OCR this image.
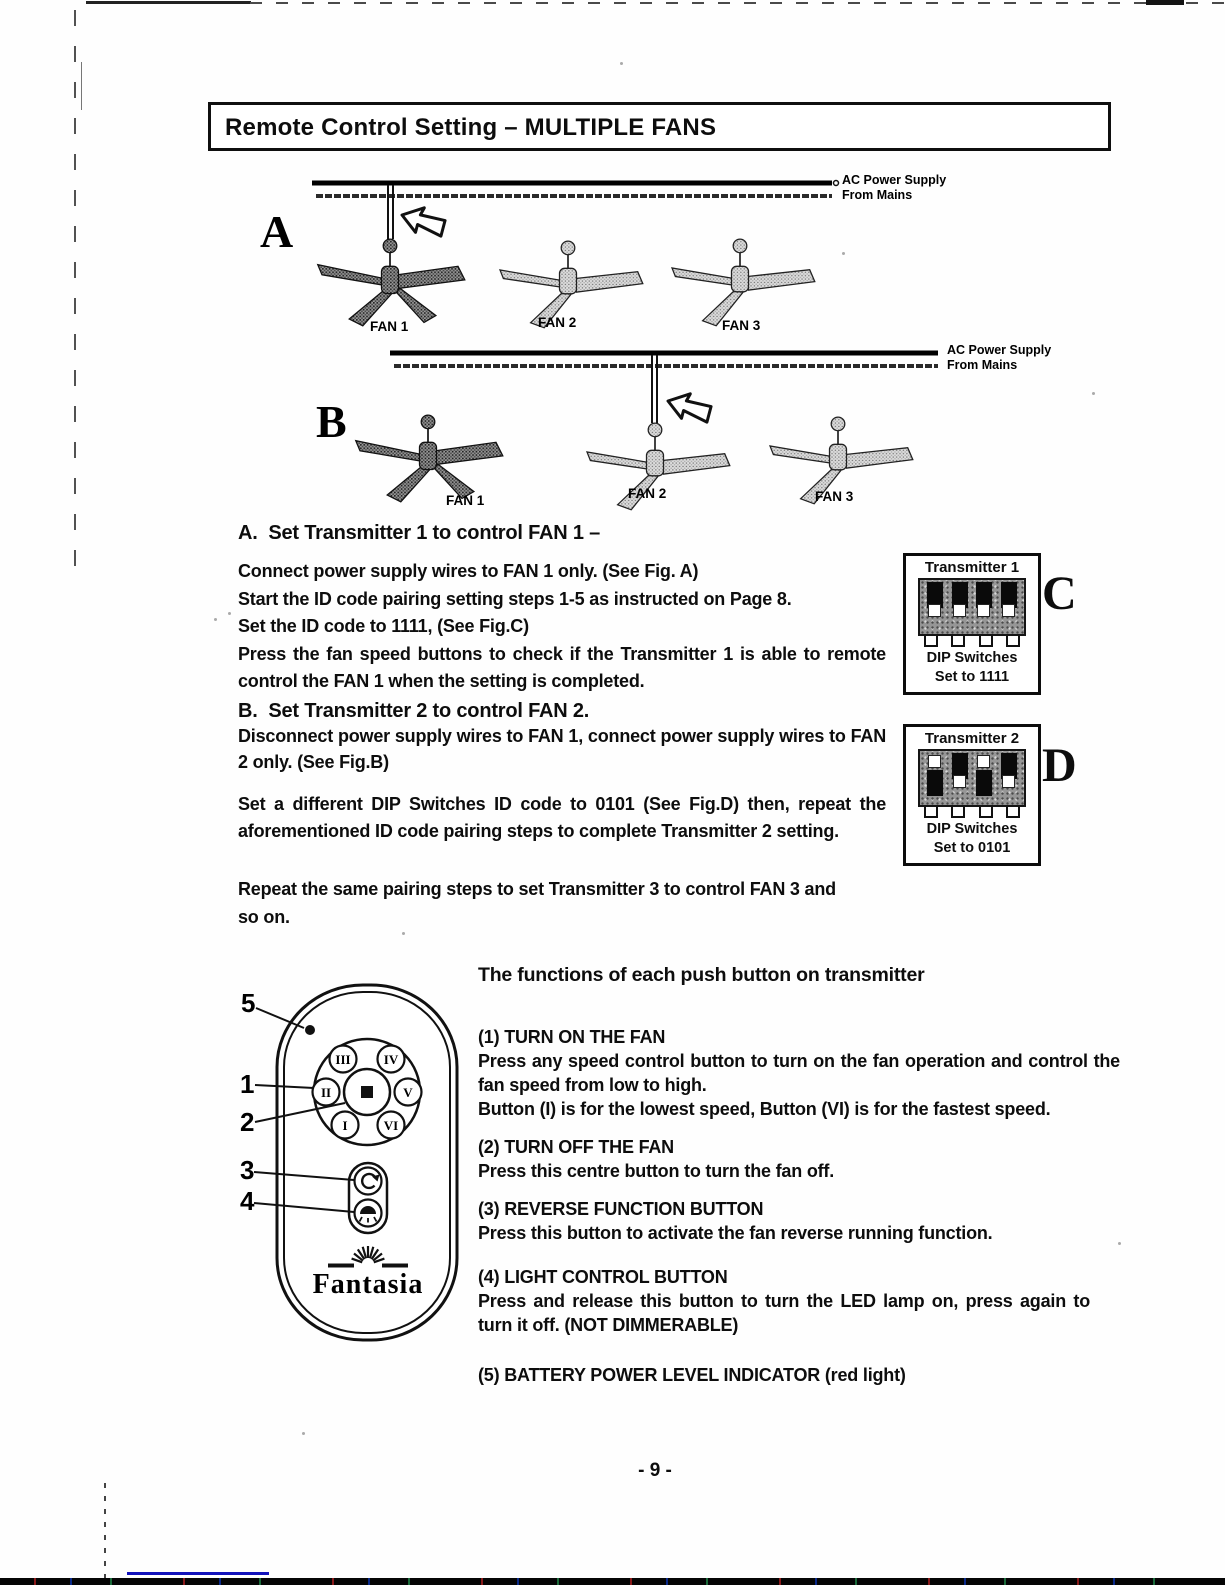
Remote Control Setting – MULTIPLE FANS
AC Power Supply
From Mains
A
FAN 1	FAN 2	FAN 3
AC Power Supply
From Mains
B
FAN 1	FAN 2	FAN 3
A.  Set Transmitter 1 to control FAN 1 –
Connect power supply wires to FAN 1 only. (See Fig. A)
Start the ID code pairing setting steps 1-5 as instructed on Page 8.
Set the ID code to 1111, (See Fig.C)
Press the fan speed buttons to check if the Transmitter 1 is able to remote control the FAN 1 when the setting is completed.
Transmitter 1
DIP Switches
Set to 1111
C
B.  Set Transmitter 2 to control FAN 2.
Disconnect power supply wires to FAN 1, connect power supply wires to FAN 2 only. (See Fig.B)
Set a different DIP Switches ID code to 0101 (See Fig.D) then, repeat the aforementioned ID code pairing steps to complete Transmitter 2 setting.
Transmitter 2
DIP Switches
Set to 0101
D
Repeat the same pairing steps to set Transmitter 3 to control FAN 3 and so on.
III	IV
II	V
I	VI
Fantasia
5
1
2
3
4
The functions of each push button on transmitter
(1) TURN ON THE FAN
Press any speed control button to turn on the fan operation and control the fan speed from low to high.
Button (I) is for the lowest speed, Button (VI) is for the fastest speed.
(2) TURN OFF THE FAN
Press this centre button to turn the fan off.
(3) REVERSE FUNCTION BUTTON
Press this button to activate the fan reverse running function.
(4) LIGHT CONTROL BUTTON
Press and release this button to turn the LED lamp on, press again to turn it off. (NOT DIMMERABLE)
(5) BATTERY POWER LEVEL INDICATOR (red light)
- 9 -
